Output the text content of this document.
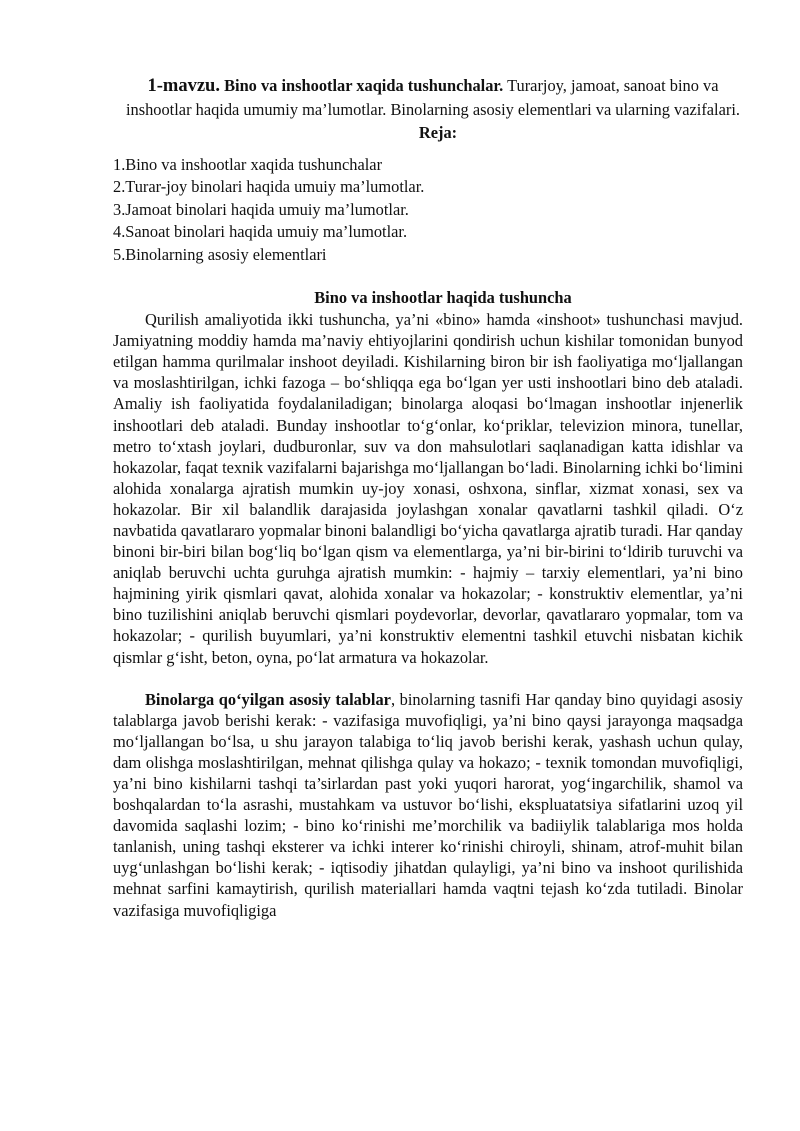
1-mavzu. Bino va inshootlar xaqida tushunchalar. Turarjoy, jamoat, sanoat bino va inshootlar haqida umumiy ma’lumotlar. Binolarning asosiy elementlari va ularning vazifalari.
Reja:
1.Bino va inshootlar xaqida tushunchalar
2.Turar-joy binolari haqida umuiy ma’lumotlar.
3.Jamoat binolari haqida umuiy ma’lumotlar.
4.Sanoat binolari haqida umuiy ma’lumotlar.
5.Binolarning asosiy elementlari
Bino va inshootlar haqida tushuncha

Qurilish amaliyotida ikki tushuncha, ya’ni «bino» hamda «inshoot» tushunchasi mavjud. Jamiyatning moddiy hamda ma’naviy ehtiyojlarini qondirish uchun kishilar tomonidan bunyod etilgan hamma qurilmalar inshoot deyiladi. Kishilarning biron bir ish faoliyatiga mo‘ljallangan va moslashtirilgan, ichki fazoga – bo‘shliqqa ega bo‘lgan yer usti inshootlari bino deb ataladi. Amaliy ish faoliyatida foydalaniladigan; binolarga aloqasi bo‘lmagan inshootlar injenerlik inshootlari deb ataladi. Bunday inshootlar to‘g‘onlar, ko‘priklar, televizion minora, tunellar, metro to‘xtash joylari, dudburonlar, suv va don mahsulotlari saqlanadigan katta idishlar va hokazolar, faqat texnik vazifalarni bajarishga mo‘ljallangan bo‘ladi. Binolarning ichki bo‘limini alohida xonalarga ajratish mumkin uy-joy xonasi, oshxona, sinflar, xizmat xonasi, sex va hokazolar. Bir xil balandlik darajasida joylashgan xonalar qavatlarni tashkil qiladi. O‘z navbatida qavatlararo yopmalar binoni balandligi bo‘yicha qavatlarga ajratib turadi. Har qanday binoni bir-biri bilan bog‘liq bo‘lgan qism va elementlarga, ya’ni bir-birini to‘ldirib turuvchi va aniqlab beruvchi uchta guruhga ajratish mumkin: ‑ hajmiy – tarxiy elementlari, ya’ni bino hajmining yirik qismlari qavat, alohida xonalar va hokazolar; ‑ konstruktiv elementlar, ya’ni bino tuzilishini aniqlab beruvchi qismlari poydevorlar, devorlar, qavatlararo yopmalar, tom va hokazolar; ‑ qurilish buyumlari, ya’ni konstruktiv elementni tashkil etuvchi nisbatan kichik qismlar g‘isht, beton, oyna, po‘lat armatura va hokazolar.

Binolarga qo‘yilgan asosiy talablar, binolarning tasnifi Har qanday bino quyidagi asosiy talablarga javob berishi kerak: ‑ vazifasiga muvofiqligi, ya’ni bino qaysi jarayonga maqsadga mo‘ljallangan bo‘lsa, u shu jarayon talabiga to‘liq javob berishi kerak, yashash uchun qulay, dam olishga moslashtirilgan, mehnat qilishga qulay va hokazo; ‑ texnik tomondan muvofiqligi, ya’ni bino kishilarni tashqi ta’sirlardan past yoki yuqori harorat, yog‘ingarchilik, shamol va boshqalardan to‘la asrashi, mustahkam va ustuvor bo‘lishi, ekspluatatsiya sifatlarini uzoq yil davomida saqlashi lozim; ‑ bino ko‘rinishi me’morchilik va badiiylik talablariga mos holda tanlanish, uning tashqi eksterer va ichki interer ko‘rinishi chiroyli, shinam, atrof-muhit bilan uyg‘unlashgan bo‘lishi kerak; ‑ iqtisodiy jihatdan qulayligi, ya’ni bino va inshoot qurilishida mehnat sarfini kamaytirish, qurilish materiallari hamda vaqtni tejash ko‘zda tutiladi. Binolar vazifasiga muvofiqligiga
